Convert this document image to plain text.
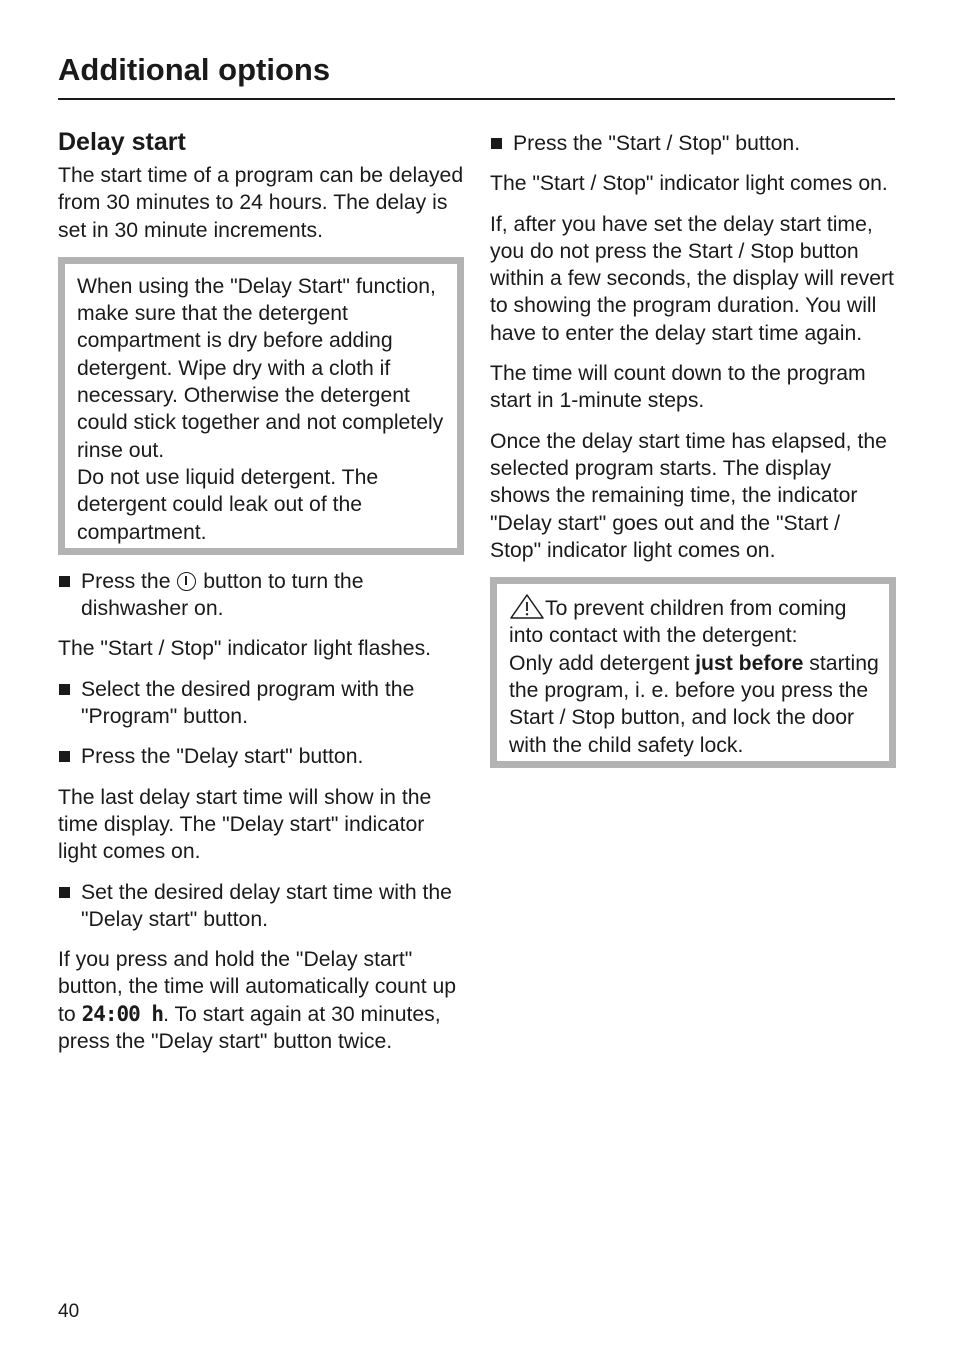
Additional options
Delay start

The start time of a program can be delayed from 30 minutes to 24 hours. The delay is set in 30 minute increments.

When using the "Delay Start" function, make sure that the detergent compartment is dry before adding detergent. Wipe dry with a cloth if necessary. Otherwise the detergent could stick together and not completely rinse out.

Do not use liquid detergent. The detergent could leak out of the compartment.

Press the  button to turn the dishwasher on.

The "Start / Stop" indicator light flashes.

Select the desired program with the "Program" button.

Press the "Delay start" button.

The last delay start time will show in the time display. The "Delay start" indicator light comes on.

Set the desired delay start time with the "Delay start" button.

If you press and hold the "Delay start" button, the time will automatically count up to 24:00 h. To start again at 30 minutes, press the "Delay start" button twice.

Press the "Start / Stop" button.

The "Start / Stop" indicator light comes on.

If, after you have set the delay start time, you do not press the Start / Stop button within a few seconds, the display will revert to showing the program duration. You will have to enter the delay start time again.

The time will count down to the program start in 1-minute steps.

Once the delay start time has elapsed, the selected program starts. The display shows the remaining time, the indicator "Delay start" goes out and the "Start / Stop" indicator light comes on.

To prevent children from coming into contact with the detergent:

Only add detergent just before starting the program, i. e. before you press the Start / Stop button, and lock the door with the child safety lock.

40
